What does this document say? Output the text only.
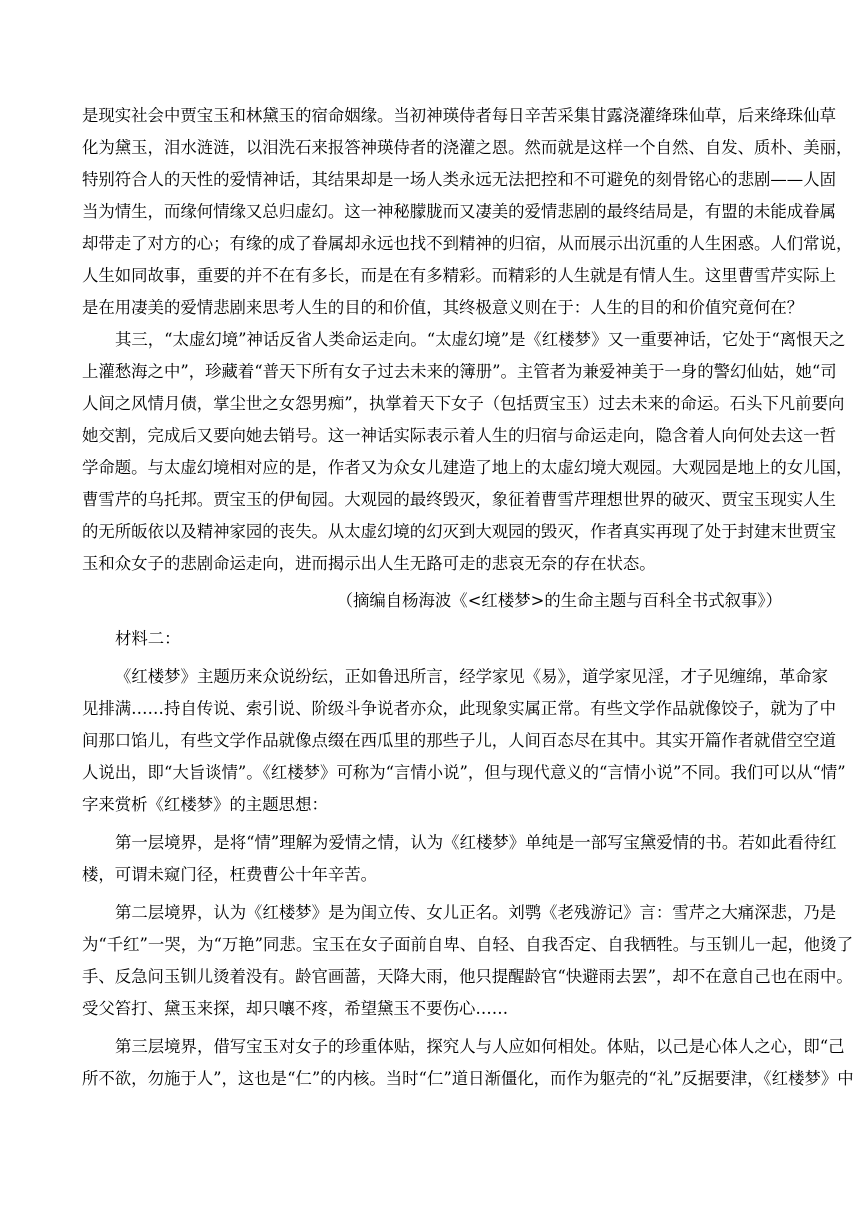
是现实社会中贾宝玉和林黛玉的宿命姻缘。当初神瑛侍者每日辛苦采集甘露浇灌绛珠仙草，后来绛珠仙草
化为黛玉，泪水涟涟，以泪洗石来报答神瑛侍者的浇灌之恩。然而就是这样一个自然、自发、质朴、美丽，
特别符合人的天性的爱情神话，其结果却是一场人类永远无法把控和不可避免的刻骨铭心的悲剧——人固
当为情生，而缘何情缘又总归虚幻。这一神秘朦胧而又凄美的爱情悲剧的最终结局是，有盟的未能成眷属
却带走了对方的心；有缘的成了眷属却永远也找不到精神的归宿，从而展示出沉重的人生困惑。人们常说，
人生如同故事，重要的并不在有多长，而是在有多精彩。而精彩的人生就是有情人生。这里曹雪芹实际上
是在用凄美的爱情悲剧来思考人生的目的和价值，其终极意义则在于：人生的目的和价值究竟何在？
其三，“太虚幻境”神话反省人类命运走向。“太虚幻境”是《红楼梦》又一重要神话，它处于“离恨天之
上灌愁海之中”，珍藏着“普天下所有女子过去未来的簿册”。主管者为兼爱神美于一身的警幻仙姑，她“司
人间之风情月债，掌尘世之女怨男痴”，执掌着天下女子（包括贾宝玉）过去未来的命运。石头下凡前要向
她交割，完成后又要向她去销号。这一神话实际表示着人生的归宿与命运走向，隐含着人向何处去这一哲
学命题。与太虚幻境相对应的是，作者又为众女儿建造了地上的太虚幻境大观园。大观园是地上的女儿国，
曹雪芹的乌托邦。贾宝玉的伊甸园。大观园的最终毁灭，象征着曹雪芹理想世界的破灭、贾宝玉现实人生
的无所皈依以及精神家园的丧失。从太虚幻境的幻灭到大观园的毁灭，作者真实再现了处于封建末世贾宝
玉和众女子的悲剧命运走向，进而揭示出人生无路可走的悲哀无奈的存在状态。
（摘编自杨海波《<红楼梦>的生命主题与百科全书式叙事》）
材料二：
《红楼梦》主题历来众说纷纭，正如鲁迅所言，经学家见《易》，道学家见淫，才子见缠绵，革命家
见排满……持自传说、索引说、阶级斗争说者亦众，此现象实属正常。有些文学作品就像饺子，就为了中
间那口馅儿，有些文学作品就像点缀在西瓜里的那些子儿，人间百态尽在其中。其实开篇作者就借空空道
人说出，即“大旨谈情”。《红楼梦》可称为“言情小说”，但与现代意义的“言情小说”不同。我们可以从“情”
字来赏析《红楼梦》的主题思想：
第一层境界，是将“情”理解为爱情之情，认为《红楼梦》单纯是一部写宝黛爱情的书。若如此看待红
楼，可谓未窥门径，枉费曹公十年辛苦。
第二层境界，认为《红楼梦》是为闺立传、女儿正名。刘鹗《老残游记》言：雪芹之大痛深悲，乃是
为“千红”一哭，为“万艳”同悲。宝玉在女子面前自卑、自轻、自我否定、自我牺牲。与玉钏儿一起，他烫了
手、反急问玉钏儿烫着没有。龄官画蔷，天降大雨，他只提醒龄官“快避雨去罢”，却不在意自己也在雨中。
受父笞打、黛玉来探，却只嚷不疼，希望黛玉不要伤心……
第三层境界，借写宝玉对女子的珍重体贴，探究人与人应如何相处。体贴，以己是心体人之心，即“己
所不欲，勿施于人”，这也是“仁”的内核。当时“仁”道日渐僵化，而作为躯壳的“礼”反据要津，《红楼梦》中
